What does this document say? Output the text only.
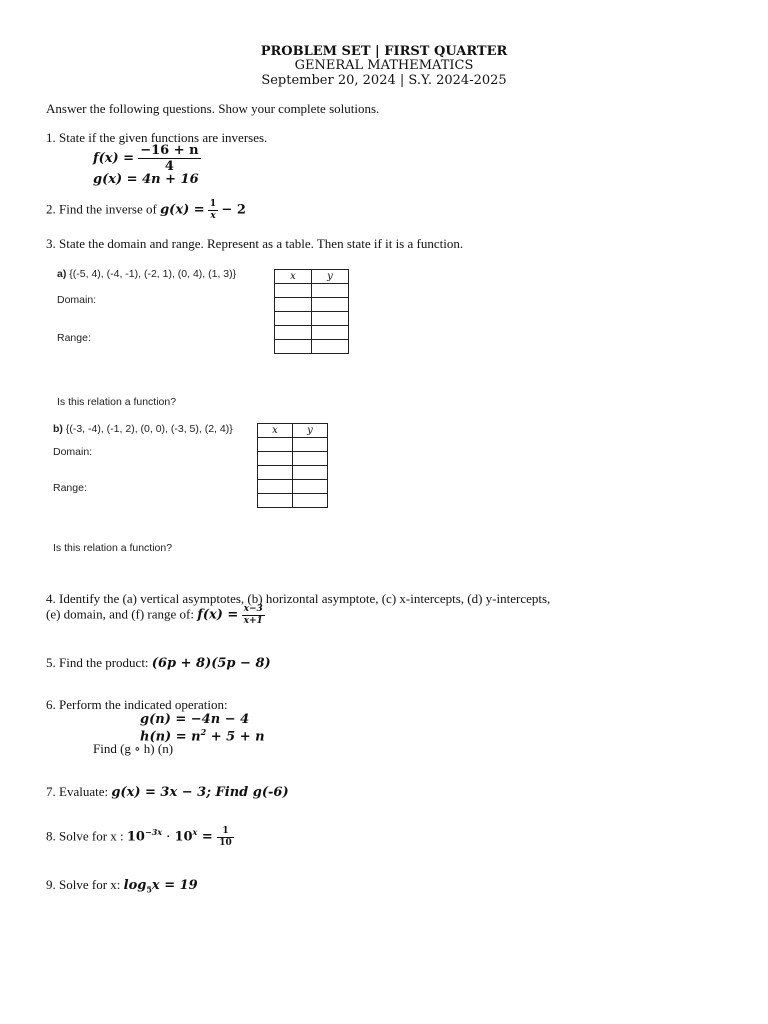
PROBLEM SET | FIRST QUARTER
GENERAL MATHEMATICS
September 20, 2024 | S.Y. 2024-2025
Answer the following questions. Show your complete solutions.
1. State if the given functions are inverses.
$f(x) = \frac{-16 + n}{4}$
g(x) = 4n + 16
2. Find the inverse of $g(x) = \frac{1}{x} - 2$
3. State the domain and range. Represent as a table. Then state if it is a function.
a) {(-5, 4), (-4, -1), (-2, 1), (0, 4), (1, 3)}
Domain:
Range:
x	y

Is this relation a function?
b) {(-3, -4), (-1, 2), (0, 0), (-3, 5), (2, 4)}
Domain:
Range:
x	y

Is this relation a function?
4. Identify the (a) vertical asymptotes, (b) horizontal asymptote, (c) x-intercepts, (d) y-intercepts,
(e) domain, and (f) range of: $f(x) = \frac{x-3}{x+1}$
5. Find the product: (6p + 8)(5p − 8)
6. Perform the indicated operation:
g(n) = −4n − 4
$h(n) = n^2 + 5 + n$
Find (g ∘ h) (n)
7. Evaluate: g(x) = 3x − 3; Find g(-6)
8. Solve for x : $10^{-3x} \cdot 10^x = \frac{1}{10}$
9. Solve for x: $\log_5x = 19$
